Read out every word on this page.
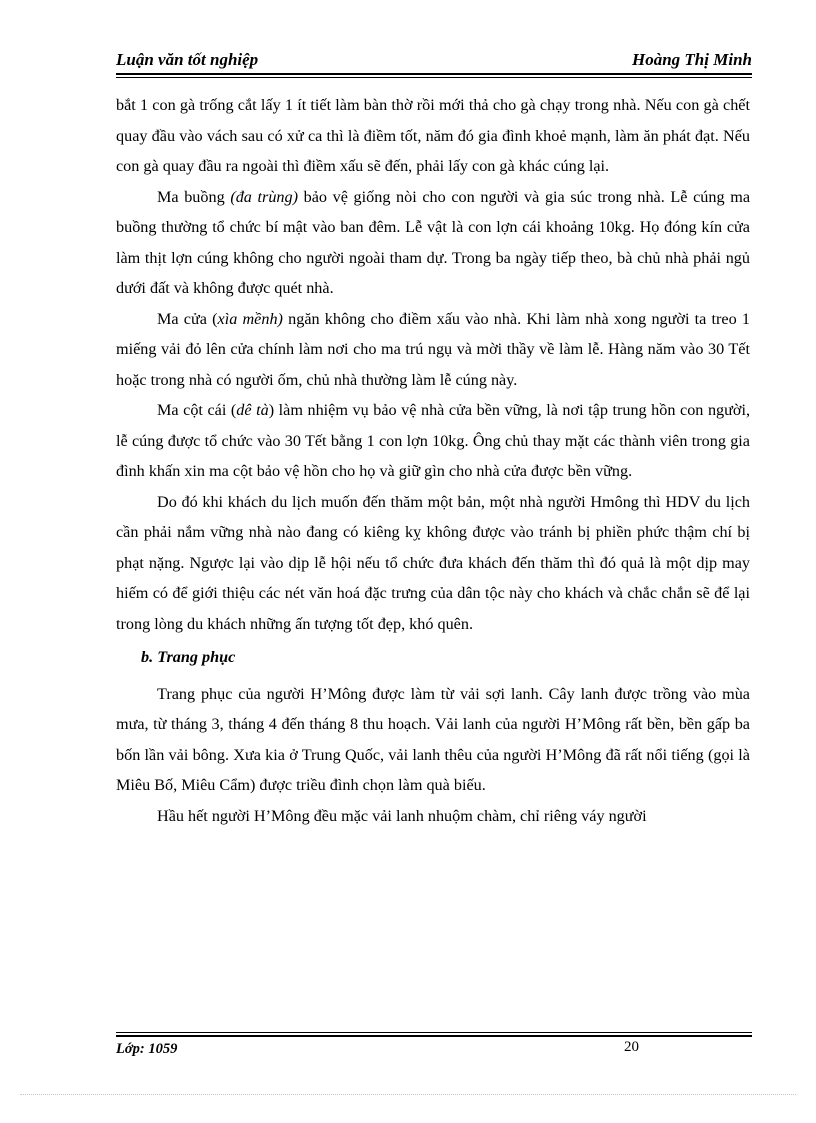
Luận văn tốt nghiệp	Hoàng Thị Minh

bắt 1 con gà trống cắt lấy 1 ít tiết làm bàn thờ rồi mới thả cho gà chạy trong nhà. Nếu con gà chết quay đầu vào vách sau có xử ca thì là điềm tốt, năm đó gia đình khoẻ mạnh, làm ăn phát đạt. Nếu con gà quay đầu ra ngoài thì điềm xấu sẽ đến, phải lấy con gà khác cúng lại.

Ma buồng (đa trùng) bảo vệ giống nòi cho con người và gia súc trong nhà. Lễ cúng ma buồng thường tổ chức bí mật vào ban đêm. Lễ vật là con lợn cái khoảng 10kg. Họ đóng kín cửa làm thịt lợn cúng không cho người ngoài tham dự. Trong ba ngày tiếp theo, bà chủ nhà phải ngủ dưới đất và không được quét nhà.

Ma cửa (xìa mềnh) ngăn không cho điềm xấu vào nhà. Khi làm nhà xong người ta treo 1 miếng vải đỏ lên cửa chính làm nơi cho ma trú ngụ và mời thầy về làm lễ. Hàng năm vào 30 Tết hoặc trong nhà có người ốm, chủ nhà thường làm lễ cúng này.

Ma cột cái (dê tà) làm nhiệm vụ bảo vệ nhà cửa bền vững, là nơi tập trung hồn con người, lễ cúng được tổ chức vào 30 Tết bằng 1 con lợn 10kg. Ông chủ thay mặt các thành viên trong gia đình khấn xin ma cột bảo vệ hồn cho họ và giữ gìn cho nhà cửa được bền vững.

Do đó khi khách du lịch muốn đến thăm một bản, một nhà người Hmông thì HDV du lịch cần phải nắm vững nhà nào đang có kiêng kỵ không được vào tránh bị phiền phức thậm chí bị phạt nặng. Ngược lại vào dịp lễ hội nếu tổ chức đưa khách đến thăm thì đó quả là một dịp may hiếm có để giới thiệu các nét văn hoá đặc trưng của dân tộc này cho khách và chắc chắn sẽ để lại trong lòng du khách những ấn tượng tốt đẹp, khó quên.

b. Trang phục

Trang phục của người H’Mông được làm từ vải sợi lanh. Cây lanh được trồng vào mùa mưa, từ tháng 3, tháng 4 đến tháng 8 thu hoạch. Vải lanh của người H’Mông rất bền, bền gấp ba bốn lần vải bông. Xưa kia ở Trung Quốc, vải lanh thêu của người H’Mông đã rất nổi tiếng (gọi là Miêu Bố, Miêu Cẩm) được triều đình chọn làm quà biếu.

Hầu hết người H’Mông đều mặc vải lanh nhuộm chàm, chỉ riêng váy người

Lớp: 1059	20
